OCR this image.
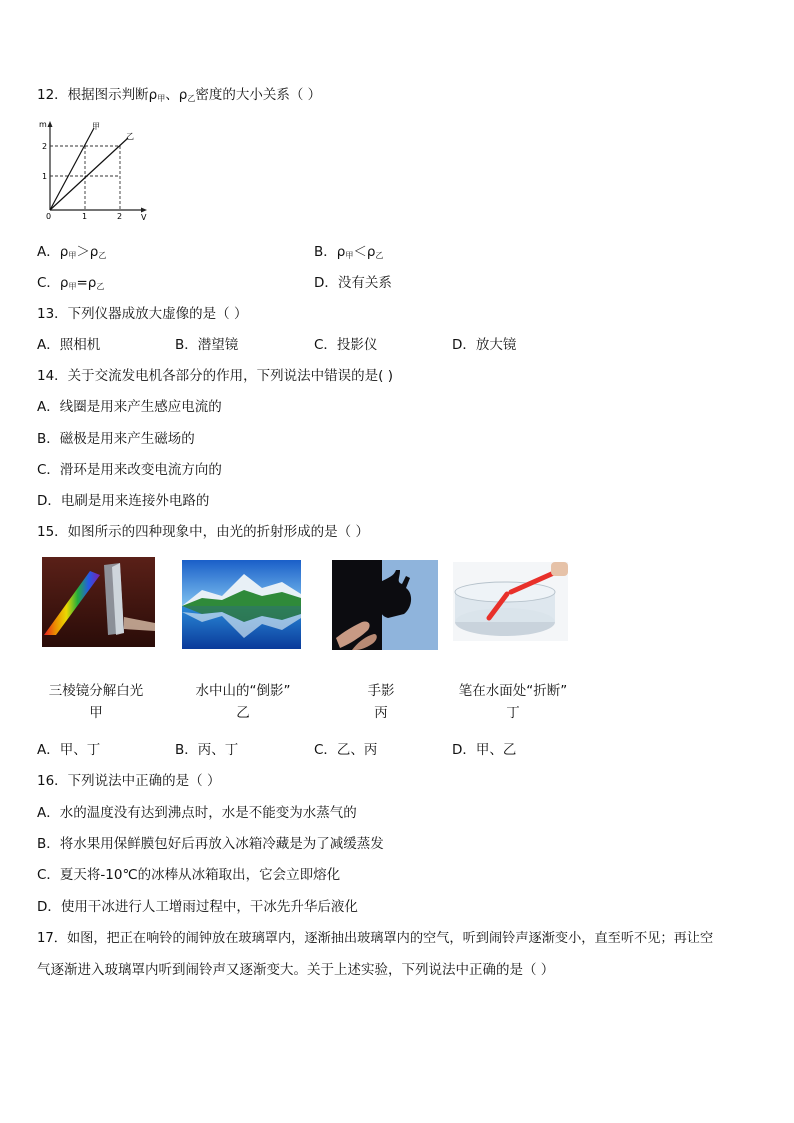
12．根据图示判断$\rho_甲$、$\rho_乙$密度的大小关系（ ）
m
V
0
2
1
1	2
甲
乙
A．$\rho_甲>\rho_乙$	B．$\rho_甲<\rho_乙$
C．$\rho_甲=\rho_乙$	D．没有关系
13．下列仪器成放大虚像的是（ ）
A．照相机	B．潜望镜	C．投影仪	D．放大镜
14．关于交流发电机各部分的作用，下列说法中错误的是( )
A．线圈是用来产生感应电流的
B．磁极是用来产生磁场的
C．滑环是用来改变电流方向的
D．电刷是用来连接外电路的
15．如图所示的四种现象中，由光的折射形成的是（ ）
三棱镜分解白光
甲
水中山的“倒影”
乙
手影
丙
笔在水面处“折断”
丁
A．甲、丁	B．丙、丁	C．乙、丙	D．甲、乙
16．下列说法中正确的是（ ）
A．水的温度没有达到沸点时，水是不能变为水蒸气的
B．将水果用保鲜膜包好后再放入冰箱冷藏是为了减缓蒸发
C．夏天将-10℃的冰棒从冰箱取出，它会立即熔化
D．使用干冰进行人工增雨过程中，干冰先升华后液化
17．如图，把正在响铃的闹钟放在玻璃罩内，逐渐抽出玻璃罩内的空气，听到闹铃声逐渐变小，直至听不见；再让空
气逐渐进入玻璃罩内听到闹铃声又逐渐变大。关于上述实验，下列说法中正确的是（ ）
